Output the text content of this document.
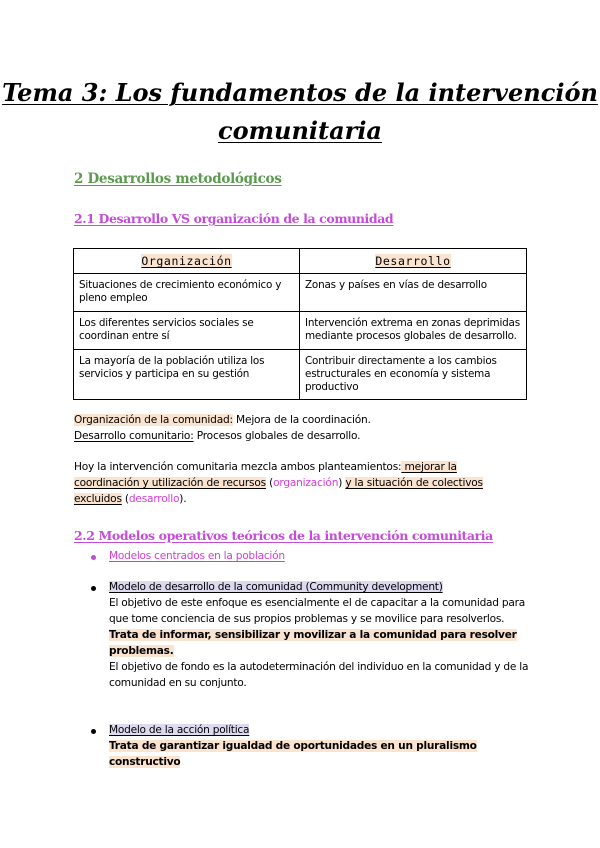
Tema 3: Los fundamentos de la intervención
comunitaria
2 Desarrollos metodológicos
2.1 Desarrollo VS organización de la comunidad
Organización	Desarrollo
Situaciones de crecimiento económico y pleno empleo	Zonas y países en vías de desarrollo
Los diferentes servicios sociales se coordinan entre sí	Intervención extrema en zonas deprimidas mediante procesos globales de desarrollo.
La mayoría de la población utiliza los servicios y participa en su gestión	Contribuir directamente a los cambios estructurales en economía y sistema productivo

Organización de la comunidad: Mejora de la coordinación.

Desarrollo comunitario: Procesos globales de desarrollo.

Hoy la intervención comunitaria mezcla ambos planteamientos: mejorar la coordinación y utilización de recursos (organización) y la situación de colectivos excluidos (desarrollo).

2.2 Modelos operativos teóricos de la intervención comunitaria

Modelos centrados en la población

Modelo de desarrollo de la comunidad (Community development)
El objetivo de este enfoque es esencialmente el de capacitar a la comunidad para que tome conciencia de sus propios problemas y se movilice para resolverlos.
Trata de informar, sensibilizar y movilizar a la comunidad para resolver problemas.
El objetivo de fondo es la autodeterminación del individuo en la comunidad y de la comunidad en su conjunto.

Modelo de la acción política
Trata de garantizar igualdad de oportunidades en un pluralismo constructivo
